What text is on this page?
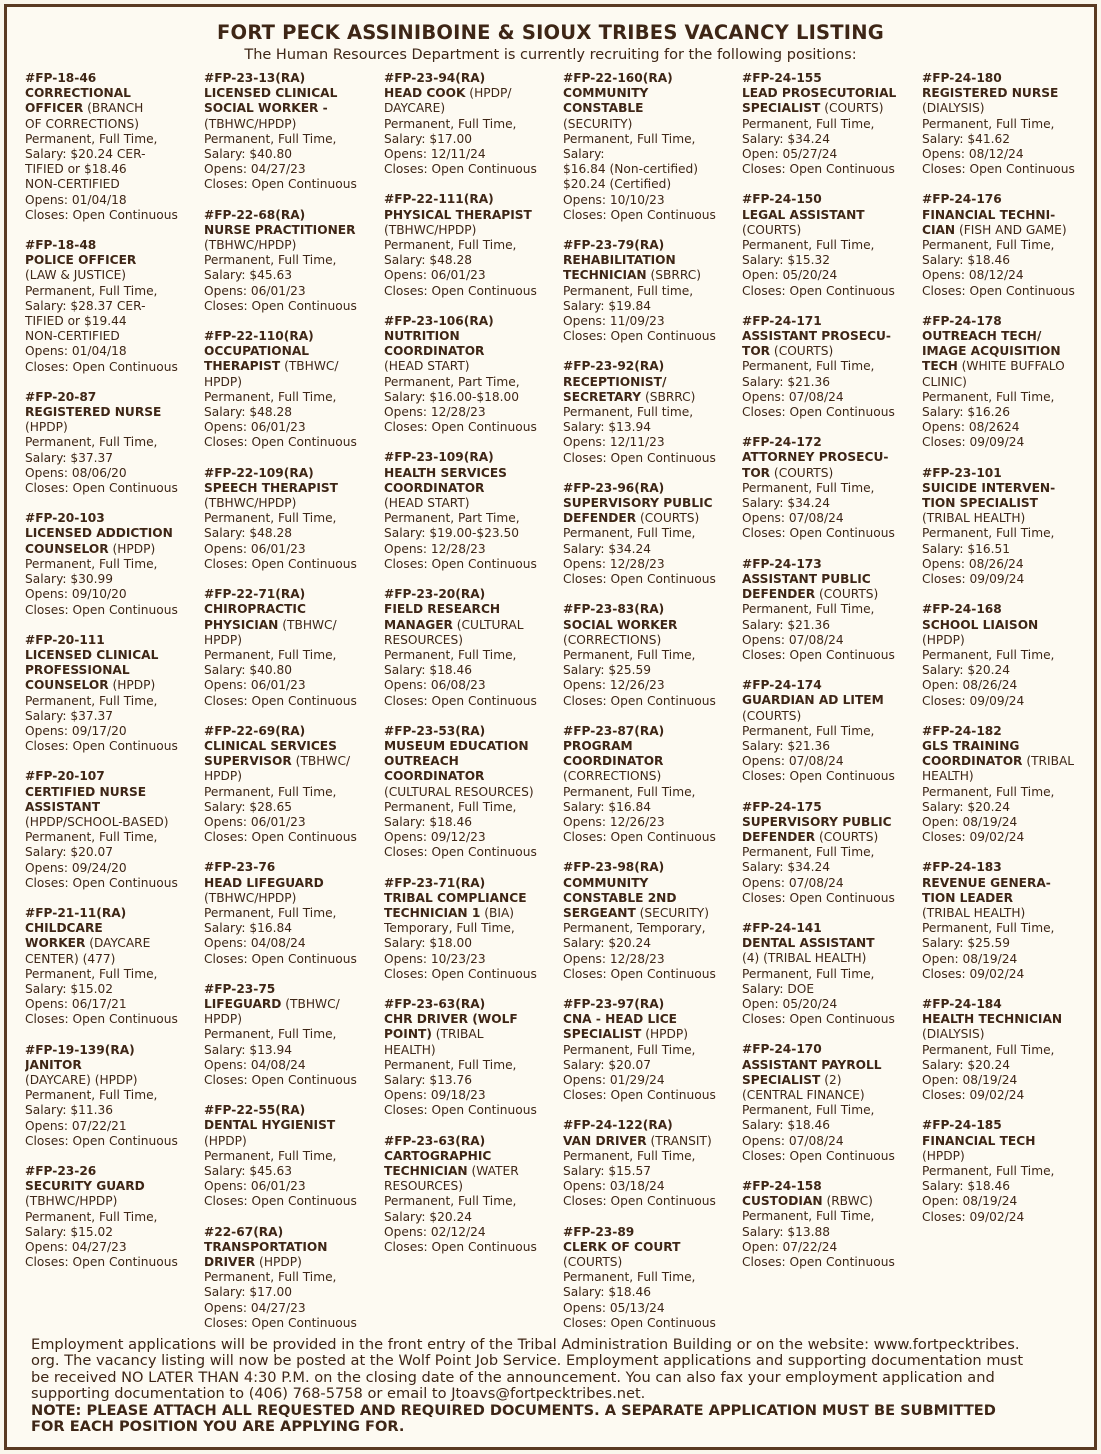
FORT PECK ASSINIBOINE & SIOUX TRIBES VACANCY LISTING
The Human Resources Department is currently recruiting for the following positions:
#FP-18-46
CORRECTIONAL
OFFICER (BRANCH
OF CORRECTIONS)
Permanent, Full Time,
Salary: $20.24 CER-
TIFIED or $18.46
NON-CERTIFIED
Opens: 01/04/18
Closes: Open Continuous
#FP-18-48
POLICE OFFICER
(LAW & JUSTICE)
Permanent, Full Time,
Salary: $28.37 CER-
TIFIED or $19.44
NON-CERTIFIED
Opens: 01/04/18
Closes: Open Continuous
#FP-20-87
REGISTERED NURSE
(HPDP)
Permanent, Full Time,
Salary: $37.37
Opens: 08/06/20
Closes: Open Continuous
#FP-20-103
LICENSED ADDICTION
COUNSELOR (HPDP)
Permanent, Full Time,
Salary: $30.99
Opens: 09/10/20
Closes: Open Continuous
#FP-20-111
LICENSED CLINICAL
PROFESSIONAL
COUNSELOR (HPDP)
Permanent, Full Time,
Salary: $37.37
Opens: 09/17/20
Closes: Open Continuous
#FP-20-107
CERTIFIED NURSE
ASSISTANT
(HPDP/SCHOOL-BASED)
Permanent, Full Time,
Salary: $20.07
Opens: 09/24/20
Closes: Open Continuous
#FP-21-11(RA)
CHILDCARE
WORKER (DAYCARE
CENTER) (477)
Permanent, Full Time,
Salary: $15.02
Opens: 06/17/21
Closes: Open Continuous
#FP-19-139(RA)
JANITOR
(DAYCARE) (HPDP)
Permanent, Full Time,
Salary: $11.36
Opens: 07/22/21
Closes: Open Continuous
#FP-23-26
SECURITY GUARD
(TBHWC/HPDP)
Permanent, Full Time,
Salary: $15.02
Opens: 04/27/23
Closes: Open Continuous
#FP-23-13(RA)
LICENSED CLINICAL
SOCIAL WORKER -
(TBHWC/HPDP)
Permanent, Full Time,
Salary: $40.80
Opens: 04/27/23
Closes: Open Continuous
#FP-22-68(RA)
NURSE PRACTITIONER
(TBHWC/HPDP)
Permanent, Full Time,
Salary: $45.63
Opens: 06/01/23
Closes: Open Continuous
#FP-22-110(RA)
OCCUPATIONAL
THERAPIST (TBHWC/
HPDP)
Permanent, Full Time,
Salary: $48.28
Opens: 06/01/23
Closes: Open Continuous
#FP-22-109(RA)
SPEECH THERAPIST
(TBHWC/HPDP)
Permanent, Full Time,
Salary: $48.28
Opens: 06/01/23
Closes: Open Continuous
#FP-22-71(RA)
CHIROPRACTIC
PHYSICIAN (TBHWC/
HPDP)
Permanent, Full Time,
Salary: $40.80
Opens: 06/01/23
Closes: Open Continuous
#FP-22-69(RA)
CLINICAL SERVICES
SUPERVISOR (TBHWC/
HPDP)
Permanent, Full Time,
Salary: $28.65
Opens: 06/01/23
Closes: Open Continuous
#FP-23-76
HEAD LIFEGUARD
(TBHWC/HPDP)
Permanent, Full Time,
Salary: $16.84
Opens: 04/08/24
Closes: Open Continuous
#FP-23-75
LIFEGUARD (TBHWC/
HPDP)
Permanent, Full Time,
Salary: $13.94
Opens: 04/08/24
Closes: Open Continuous
#FP-22-55(RA)
DENTAL HYGIENIST
(HPDP)
Permanent, Full Time,
Salary: $45.63
Opens: 06/01/23
Closes: Open Continuous
#22-67(RA)
TRANSPORTATION
DRIVER (HPDP)
Permanent, Full Time,
Salary: $17.00
Opens: 04/27/23
Closes: Open Continuous
#FP-23-94(RA)
HEAD COOK (HPDP/
DAYCARE)
Permanent, Full Time,
Salary: $17.00
Opens: 12/11/24
Closes: Open Continuous
#FP-22-111(RA)
PHYSICAL THERAPIST
(TBHWC/HPDP)
Permanent, Full Time,
Salary: $48.28
Opens: 06/01/23
Closes: Open Continuous
#FP-23-106(RA)
NUTRITION
COORDINATOR
(HEAD START)
Permanent, Part Time,
Salary: $16.00-$18.00
Opens: 12/28/23
Closes: Open Continuous
#FP-23-109(RA)
HEALTH SERVICES
COORDINATOR
(HEAD START)
Permanent, Part Time,
Salary: $19.00-$23.50
Opens: 12/28/23
Closes: Open Continuous
#FP-23-20(RA)
FIELD RESEARCH
MANAGER (CULTURAL
RESOURCES)
Permanent, Full Time,
Salary: $18.46
Opens: 06/08/23
Closes: Open Continuous
#FP-23-53(RA)
MUSEUM EDUCATION
OUTREACH
COORDINATOR
(CULTURAL RESOURCES)
Permanent, Full Time,
Salary: $18.46
Opens: 09/12/23
Closes: Open Continuous
#FP-23-71(RA)
TRIBAL COMPLIANCE
TECHNICIAN 1 (BIA)
Temporary, Full Time,
Salary: $18.00
Opens: 10/23/23
Closes: Open Continuous
#FP-23-63(RA)
CHR DRIVER (WOLF
POINT) (TRIBAL
HEALTH)
Permanent, Full Time,
Salary: $13.76
Opens: 09/18/23
Closes: Open Continuous
#FP-23-63(RA)
CARTOGRAPHIC
TECHNICIAN (WATER
RESOURCES)
Permanent, Full Time,
Salary: $20.24
Opens: 02/12/24
Closes: Open Continuous
#FP-22-160(RA)
COMMUNITY
CONSTABLE
(SECURITY)
Permanent, Full Time,
Salary:
$16.84 (Non-certified)
$20.24 (Certified)
Opens: 10/10/23
Closes: Open Continuous
#FP-23-79(RA)
REHABILITATION
TECHNICIAN (SBRRC)
Permanent, Full time,
Salary: $19.84
Opens: 11/09/23
Closes: Open Continuous
#FP-23-92(RA)
RECEPTIONIST/
SECRETARY (SBRRC)
Permanent, Full time,
Salary: $13.94
Opens: 12/11/23
Closes: Open Continuous
#FP-23-96(RA)
SUPERVISORY PUBLIC
DEFENDER (COURTS)
Permanent, Full Time,
Salary: $34.24
Opens: 12/28/23
Closes: Open Continuous
#FP-23-83(RA)
SOCIAL WORKER
(CORRECTIONS)
Permanent, Full Time,
Salary: $25.59
Opens: 12/26/23
Closes: Open Continuous
#FP-23-87(RA)
PROGRAM
COORDINATOR
(CORRECTIONS)
Permanent, Full Time,
Salary: $16.84
Opens: 12/26/23
Closes: Open Continuous
#FP-23-98(RA)
COMMUNITY
CONSTABLE 2ND
SERGEANT (SECURITY)
Permanent, Temporary,
Salary: $20.24
Opens: 12/28/23
Closes: Open Continuous
#FP-23-97(RA)
CNA - HEAD LICE
SPECIALIST (HPDP)
Permanent, Full Time,
Salary: $20.07
Opens: 01/29/24
Closes: Open Continuous
#FP-24-122(RA)
VAN DRIVER (TRANSIT)
Permanent, Full Time,
Salary: $15.57
Opens: 03/18/24
Closes: Open Continuous
#FP-23-89
CLERK OF COURT
(COURTS)
Permanent, Full Time,
Salary: $18.46
Opens: 05/13/24
Closes: Open Continuous
#FP-24-155
LEAD PROSECUTORIAL
SPECIALIST (COURTS)
Permanent, Full Time,
Salary: $34.24
Open: 05/27/24
Closes: Open Continuous
#FP-24-150
LEGAL ASSISTANT
(COURTS)
Permanent, Full Time,
Salary: $15.32
Open: 05/20/24
Closes: Open Continuous
#FP-24-171
ASSISTANT PROSECU-
TOR (COURTS)
Permanent, Full Time,
Salary: $21.36
Opens: 07/08/24
Closes: Open Continuous
#FP-24-172
ATTORNEY PROSECU-
TOR (COURTS)
Permanent, Full Time,
Salary: $34.24
Opens: 07/08/24
Closes: Open Continuous
#FP-24-173
ASSISTANT PUBLIC
DEFENDER (COURTS)
Permanent, Full Time,
Salary: $21.36
Opens: 07/08/24
Closes: Open Continuous
#FP-24-174
GUARDIAN AD LITEM
(COURTS)
Permanent, Full Time,
Salary: $21.36
Opens: 07/08/24
Closes: Open Continuous
#FP-24-175
SUPERVISORY PUBLIC
DEFENDER (COURTS)
Permanent, Full Time,
Salary: $34.24
Opens: 07/08/24
Closes: Open Continuous
#FP-24-141
DENTAL ASSISTANT
(4) (TRIBAL HEALTH)
Permanent, Full Time,
Salary: DOE
Open: 05/20/24
Closes: Open Continuous
#FP-24-170
ASSISTANT PAYROLL
SPECIALIST (2)
(CENTRAL FINANCE)
Permanent, Full Time,
Salary: $18.46
Opens: 07/08/24
Closes: Open Continuous
#FP-24-158
CUSTODIAN (RBWC)
Permanent, Full Time,
Salary: $13.88
Open: 07/22/24
Closes: Open Continuous
#FP-24-180
REGISTERED NURSE
(DIALYSIS)
Permanent, Full Time,
Salary: $41.62
Opens: 08/12/24
Closes: Open Continuous
#FP-24-176
FINANCIAL TECHNI-
CIAN (FISH AND GAME)
Permanent, Full Time,
Salary: $18.46
Opens: 08/12/24
Closes: Open Continuous
#FP-24-178
OUTREACH TECH/
IMAGE ACQUISITION
TECH (WHITE BUFFALO
CLINIC)
Permanent, Full Time,
Salary: $16.26
Opens: 08/2624
Closes: 09/09/24
#FP-23-101
SUICIDE INTERVEN-
TION SPECIALIST
(TRIBAL HEALTH)
Permanent, Full Time,
Salary: $16.51
Opens: 08/26/24
Closes: 09/09/24
#FP-24-168
SCHOOL LIAISON
(HPDP)
Permanent, Full Time,
Salary: $20.24
Open: 08/26/24
Closes: 09/09/24
#FP-24-182
GLS TRAINING
COORDINATOR (TRIBAL
HEALTH)
Permanent, Full Time,
Salary: $20.24
Open: 08/19/24
Closes: 09/02/24
#FP-24-183
REVENUE GENERA-
TION LEADER
(TRIBAL HEALTH)
Permanent, Full Time,
Salary: $25.59
Open: 08/19/24
Closes: 09/02/24
#FP-24-184
HEALTH TECHNICIAN
(DIALYSIS)
Permanent, Full Time,
Salary: $20.24
Open: 08/19/24
Closes: 09/02/24
#FP-24-185
FINANCIAL TECH
(HPDP)
Permanent, Full Time,
Salary: $18.46
Open: 08/19/24
Closes: 09/02/24
Employment applications will be provided in the front entry of the Tribal Administration Building or on the website: www.fortpecktribes.
org. The vacancy listing will now be posted at the Wolf Point Job Service. Employment applications and supporting documentation must
be received NO LATER THAN 4:30 P.M. on the closing date of the announcement. You can also fax your employment application and
supporting documentation to (406) 768-5758 or email to Jtoavs@fortpecktribes.net.
NOTE: PLEASE ATTACH ALL REQUESTED AND REQUIRED DOCUMENTS. A SEPARATE APPLICATION MUST BE SUBMITTED
FOR EACH POSITION YOU ARE APPLYING FOR.
